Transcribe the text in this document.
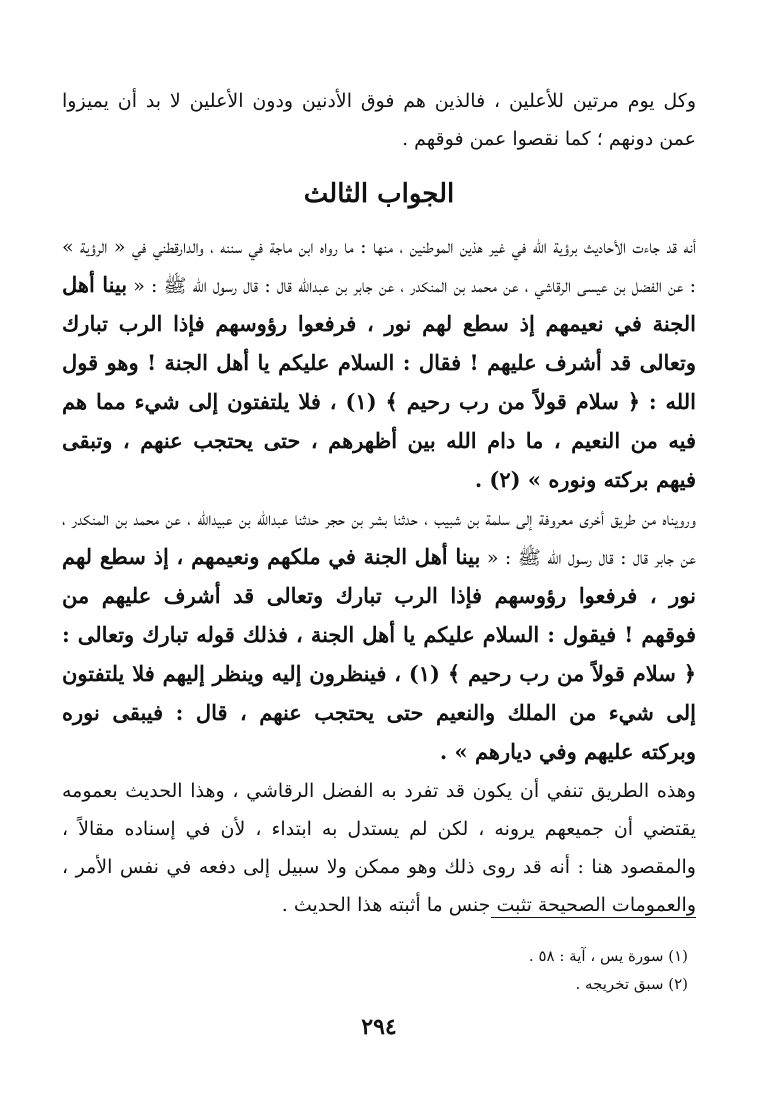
وكل يوم مرتين للأعلين ، فالذين هم فوق الأدنين ودون الأعلين لا بد أن يميزوا عمن دونهم ؛ كما نقصوا عمن فوقهم .

الجواب الثالث

أنه قد جاءت الأحاديث برؤية الله في غير هذين الموطنين ، منها : ما رواه ابن ماجة في سننه ، والدارقطني في « الرؤية » : عن الفضل بن عيسى الرقاشي ، عن محمد بن المنكدر ، عن جابر بن عبدالله قال : قال رسول الله ﷺ : « بينا أهل الجنة في نعيمهم إذ سطع لهم نور ، فرفعوا رؤوسهم فإذا الرب تبارك وتعالى قد أشرف عليهم ! فقال : السلام عليكم يا أهل الجنة ! وهو قول الله : ﴿ سلام قولاً من رب رحيم ﴾ (١) ، فلا يلتفتون إلى شيء مما هم فيه من النعيم ، ما دام الله بين أظهرهم ، حتى يحتجب عنهم ، وتبقى فيهم بركته ونوره » (٢) .

ورويناه من طريق أخرى معروفة إلى سلمة بن شبيب ، حدثنا بشر بن حجر حدثنا عبدالله بن عبيدالله ، عن محمد بن المنكدر ، عن جابر قال : قال رسول الله ﷺ : « بينا أهل الجنة في ملكهم ونعيمهم ، إذ سطع لهم نور ، فرفعوا رؤوسهم فإذا الرب تبارك وتعالى قد أشرف عليهم من فوقهم ! فيقول : السلام عليكم يا أهل الجنة ، فذلك قوله تبارك وتعالى : ﴿ سلام قولاً من رب رحيم ﴾ (١) ، فينظرون إليه وينظر إليهم فلا يلتفتون إلى شيء من الملك والنعيم حتى يحتجب عنهم ، قال : فيبقى نوره وبركته عليهم وفي ديارهم » .

وهذه الطريق تنفي أن يكون قد تفرد به الفضل الرقاشي ، وهذا الحديث بعمومه يقتضي أن جميعهم يرونه ، لكن لم يستدل به ابتداء ، لأن في إسناده مقالاً ، والمقصود هنا : أنه قد روى ذلك وهو ممكن ولا سبيل إلى دفعه في نفس الأمر ، والعمومات الصحيحة تثبت جنس ما أثبته هذا الحديث .

(١) سورة يس ، آية : ٥٨ .
(٢) سبق تخريجه .
٢٩٤
